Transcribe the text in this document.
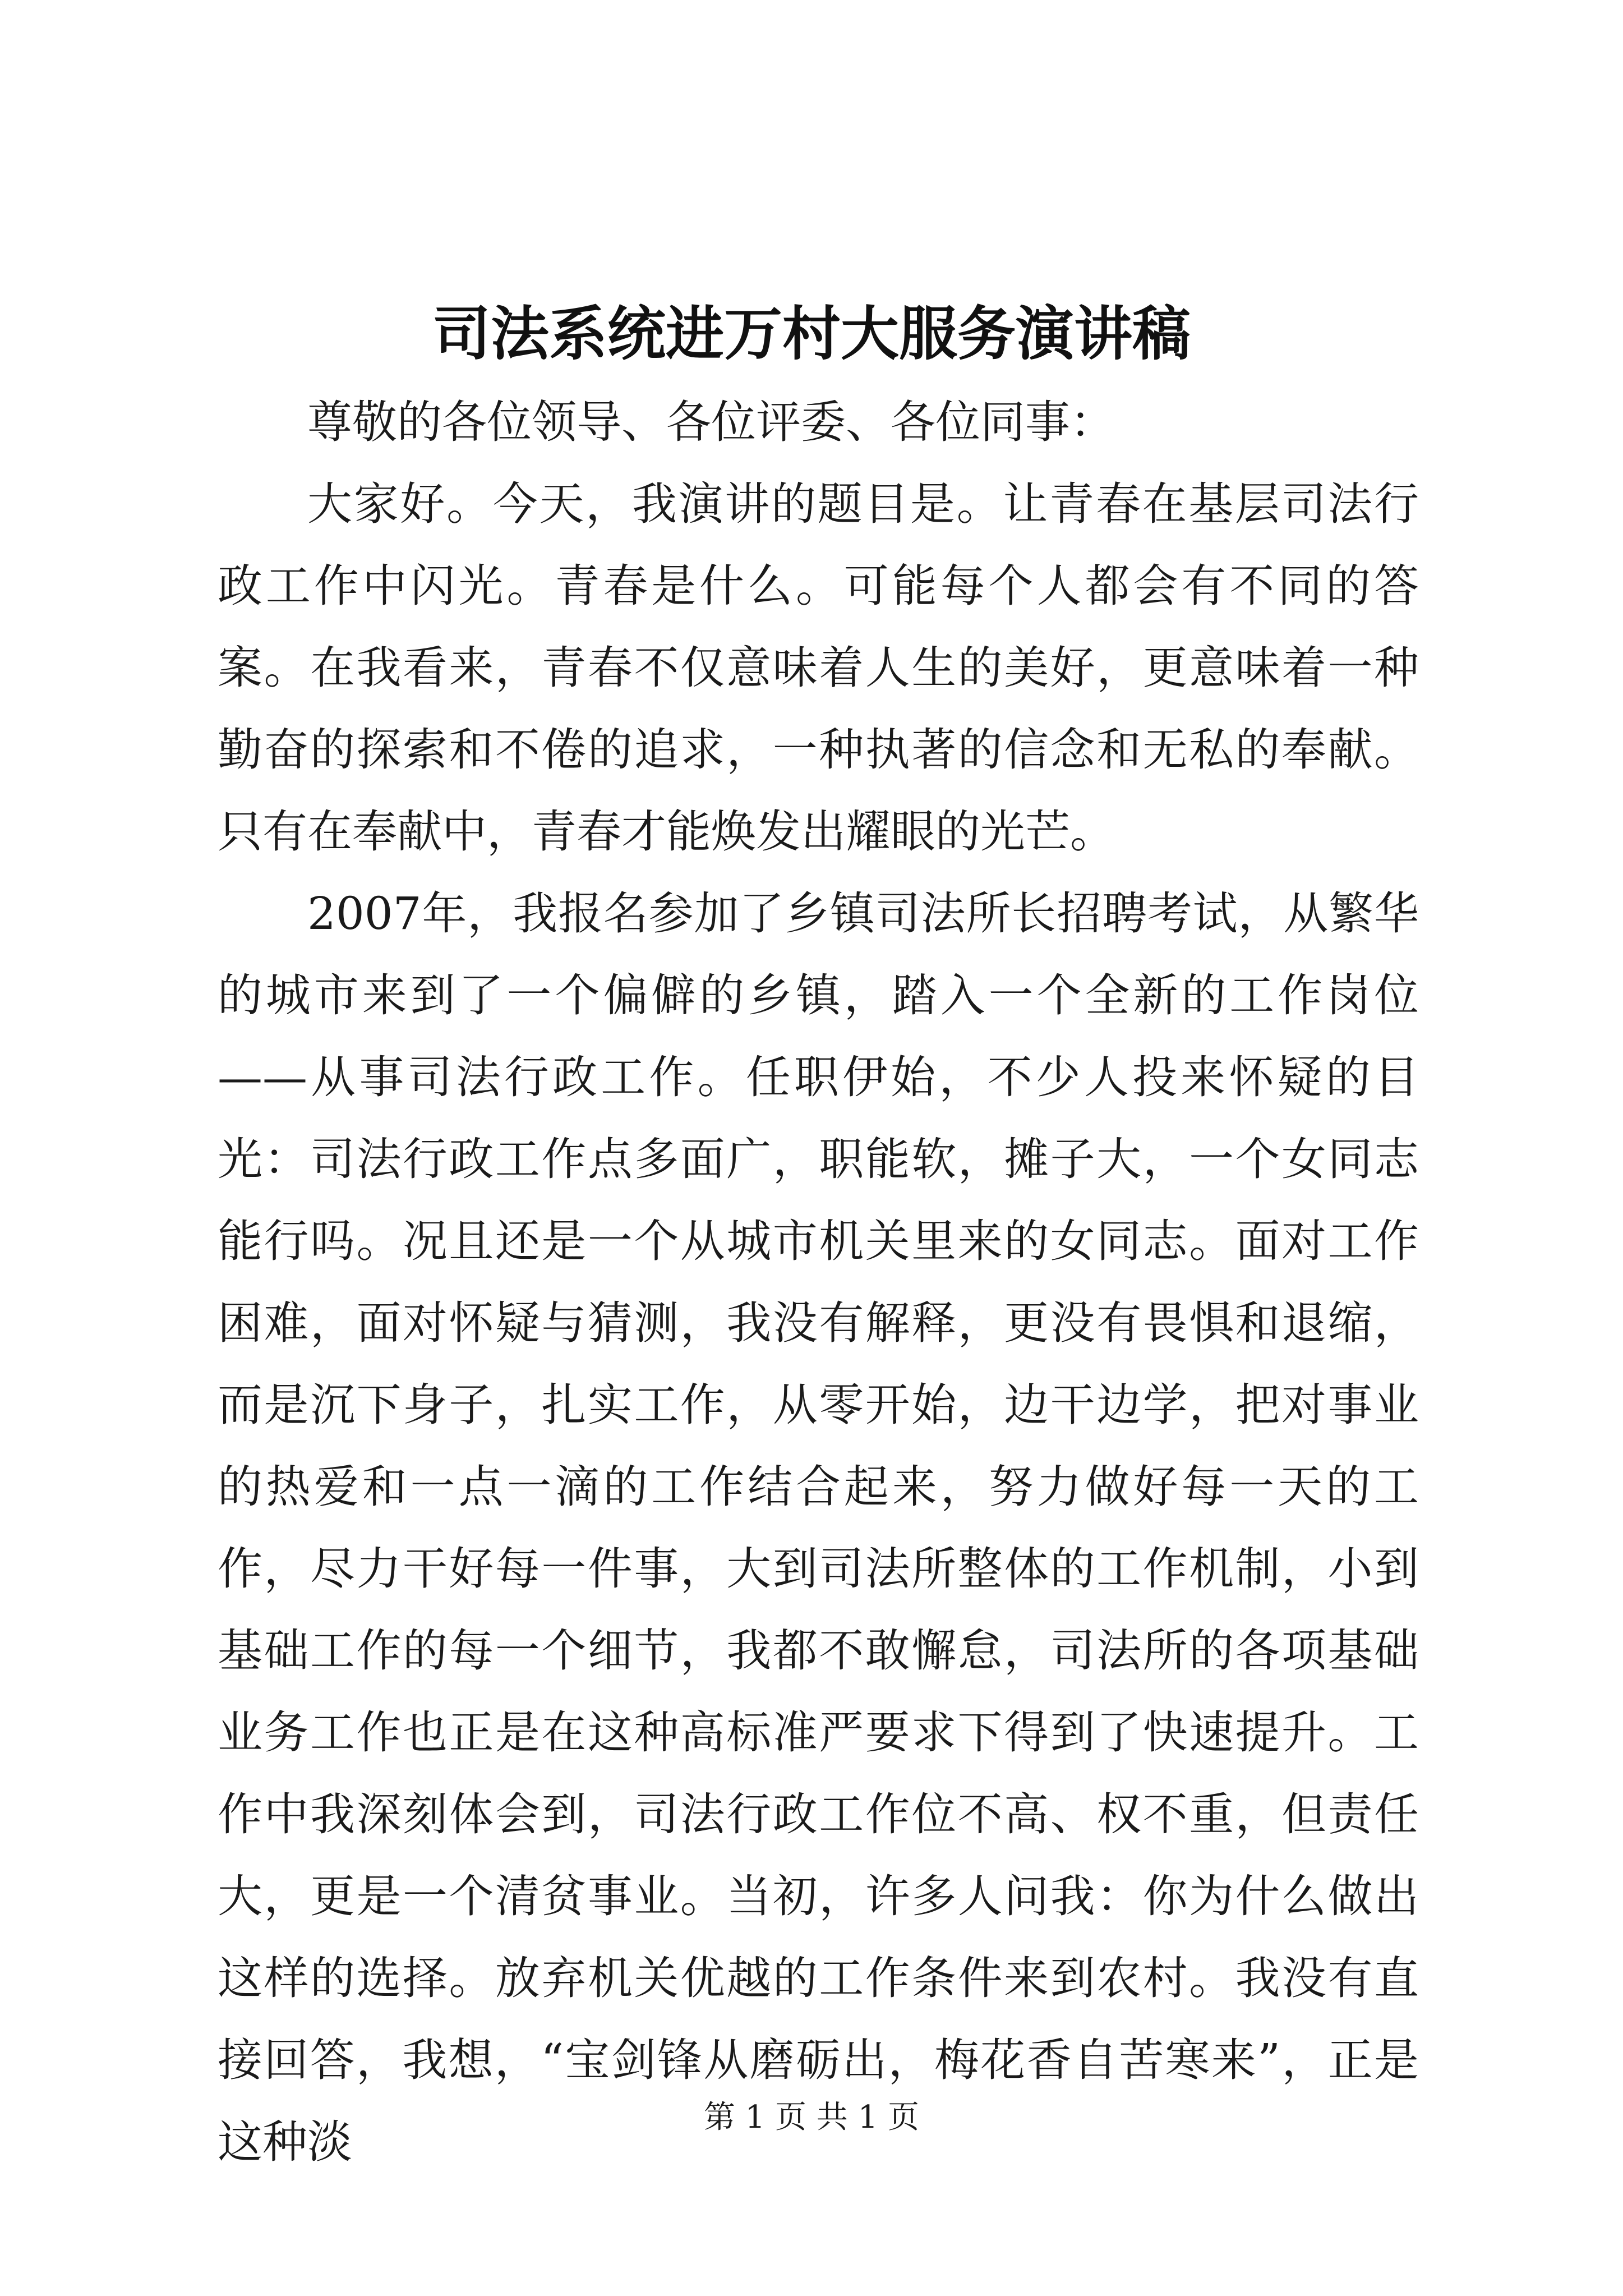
司法系统进万村大服务演讲稿

尊敬的各位领导、各位评委、各位同事：

大家好。今天，我演讲的题目是。让青春在基层司法行政工作中闪光。青春是什么。可能每个人都会有不同的答案。在我看来，青春不仅意味着人生的美好，更意味着一种勤奋的探索和不倦的追求，一种执著的信念和无私的奉献。只有在奉献中，青春才能焕发出耀眼的光芒。

2007年，我报名参加了乡镇司法所长招聘考试，从繁华的城市来到了一个偏僻的乡镇，踏入一个全新的工作岗位——从事司法行政工作。任职伊始，不少人投来怀疑的目光：司法行政工作点多面广，职能软，摊子大，一个女同志能行吗。况且还是一个从城市机关里来的女同志。面对工作困难，面对怀疑与猜测，我没有解释，更没有畏惧和退缩，而是沉下身子，扎实工作，从零开始，边干边学，把对事业的热爱和一点一滴的工作结合起来，努力做好每一天的工作，尽力干好每一件事，大到司法所整体的工作机制，小到基础工作的每一个细节，我都不敢懈怠，司法所的各项基础业务工作也正是在这种高标准严要求下得到了快速提升。工作中我深刻体会到，司法行政工作位不高、权不重，但责任大，更是一个清贫事业。当初，许多人问我：你为什么做出这样的选择。放弃机关优越的工作条件来到农村。我没有直接回答，我想，“宝剑锋从磨砺出，梅花香自苦寒来”，正是这种淡	第 1 页 共 1 页
